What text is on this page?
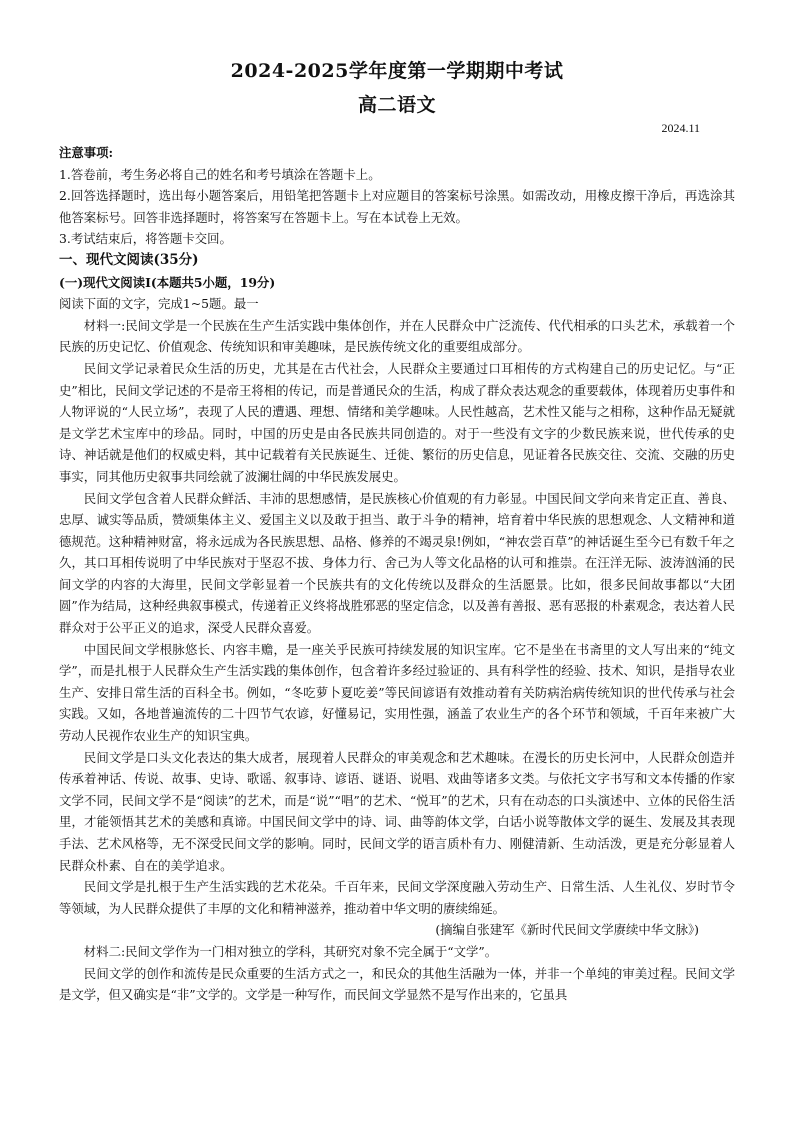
2024-2025学年度第一学期期中考试
高二语文
2024.11

注意事项:

1.答卷前，考生务必将自己的姓名和考号填涂在答题卡上。

2.回答选择题时，选出每小题答案后，用铅笔把答题卡上对应题目的答案标号涂黑。如需改动，用橡皮擦干净后，再选涂其他答案标号。回答非选择题时，将答案写在答题卡上。写在本试卷上无效。

3.考试结束后，将答题卡交回。

一、现代文阅读(35分)

(一)现代文阅读Ⅰ(本题共5小题，19分)

阅读下面的文字，完成1~5题。最一

材料一:民间文学是一个民族在生产生活实践中集体创作，并在人民群众中广泛流传、代代相承的口头艺术，承载着一个民族的历史记忆、价值观念、传统知识和审美趣味，是民族传统文化的重要组成部分。

民间文学记录着民众生活的历史，尤其是在古代社会，人民群众主要通过口耳相传的方式构建自己的历史记忆。与“正史”相比，民间文学记述的不是帝王将相的传记，而是普通民众的生活，构成了群众表达观念的重要载体，体现着历史事件和人物评说的“人民立场”，表现了人民的遭遇、理想、情绪和美学趣味。人民性越高，艺术性又能与之相称，这种作品无疑就是文学艺术宝库中的珍品。同时，中国的历史是由各民族共同创造的。对于一些没有文字的少数民族来说，世代传承的史诗、神话就是他们的权威史料，其中记载着有关民族诞生、迁徙、繁衍的历史信息，见证着各民族交往、交流、交融的历史事实，同其他历史叙事共同绘就了波澜壮阔的中华民族发展史。

民间文学包含着人民群众鲜活、丰沛的思想感情，是民族核心价值观的有力彰显。中国民间文学向来肯定正直、善良、忠厚、诚实等品质，赞颂集体主义、爱国主义以及敢于担当、敢于斗争的精神，培育着中华民族的思想观念、人文精神和道德规范。这种精神财富，将永远成为各民族思想、品格、修养的不竭灵泉!例如，“神农尝百草”的神话诞生至今已有数千年之久，其口耳相传说明了中华民族对于坚忍不拔、身体力行、舍己为人等文化品格的认可和推崇。在汪洋无际、波涛汹涌的民间文学的内容的大海里，民间文学彰显着一个民族共有的文化传统以及群众的生活愿景。比如，很多民间故事都以“大团圆”作为结局，这种经典叙事模式，传递着正义终将战胜邪恶的坚定信念，以及善有善报、恶有恶报的朴素观念，表达着人民群众对于公平正义的追求，深受人民群众喜爱。

中国民间文学根脉悠长、内容丰赡，是一座关乎民族可持续发展的知识宝库。它不是坐在书斋里的文人写出来的“纯文学”，而是扎根于人民群众生产生活实践的集体创作，包含着许多经过验证的、具有科学性的经验、技术、知识，是指导农业生产、安排日常生活的百科全书。例如，“冬吃萝卜夏吃姜”等民间谚语有效推动着有关防病治病传统知识的世代传承与社会实践。又如，各地普遍流传的二十四节气农谚，好懂易记，实用性强，涵盖了农业生产的各个环节和领域，千百年来被广大劳动人民视作农业生产的知识宝典。

民间文学是口头文化表达的集大成者，展现着人民群众的审美观念和艺术趣味。在漫长的历史长河中，人民群众创造并传承着神话、传说、故事、史诗、歌谣、叙事诗、谚语、谜语、说唱、戏曲等诸多文类。与依托文字书写和文本传播的作家文学不同，民间文学不是“阅读”的艺术，而是“说”“唱”的艺术、“悦耳”的艺术，只有在动态的口头演述中、立体的民俗生活里，才能领悟其艺术的美感和真谛。中国民间文学中的诗、词、曲等韵体文学，白话小说等散体文学的诞生、发展及其表现手法、艺术风格等，无不深受民间文学的影响。同时，民间文学的语言质朴有力、刚健清新、生动活泼，更是充分彰显着人民群众朴素、自在的美学追求。

民间文学是扎根于生产生活实践的艺术花朵。千百年来，民间文学深度融入劳动生产、日常生活、人生礼仪、岁时节令等领域，为人民群众提供了丰厚的文化和精神滋养，推动着中华文明的赓续绵延。

(摘编自张建军《新时代民间文学赓续中华文脉》)

材料二:民间文学作为一门相对独立的学科，其研究对象不完全属于“文学”。

民间文学的创作和流传是民众重要的生活方式之一，和民众的其他生活融为一体，并非一个单纯的审美过程。民间文学是文学，但又确实是“非”文学的。文学是一种写作，而民间文学显然不是写作出来的，它虽具
